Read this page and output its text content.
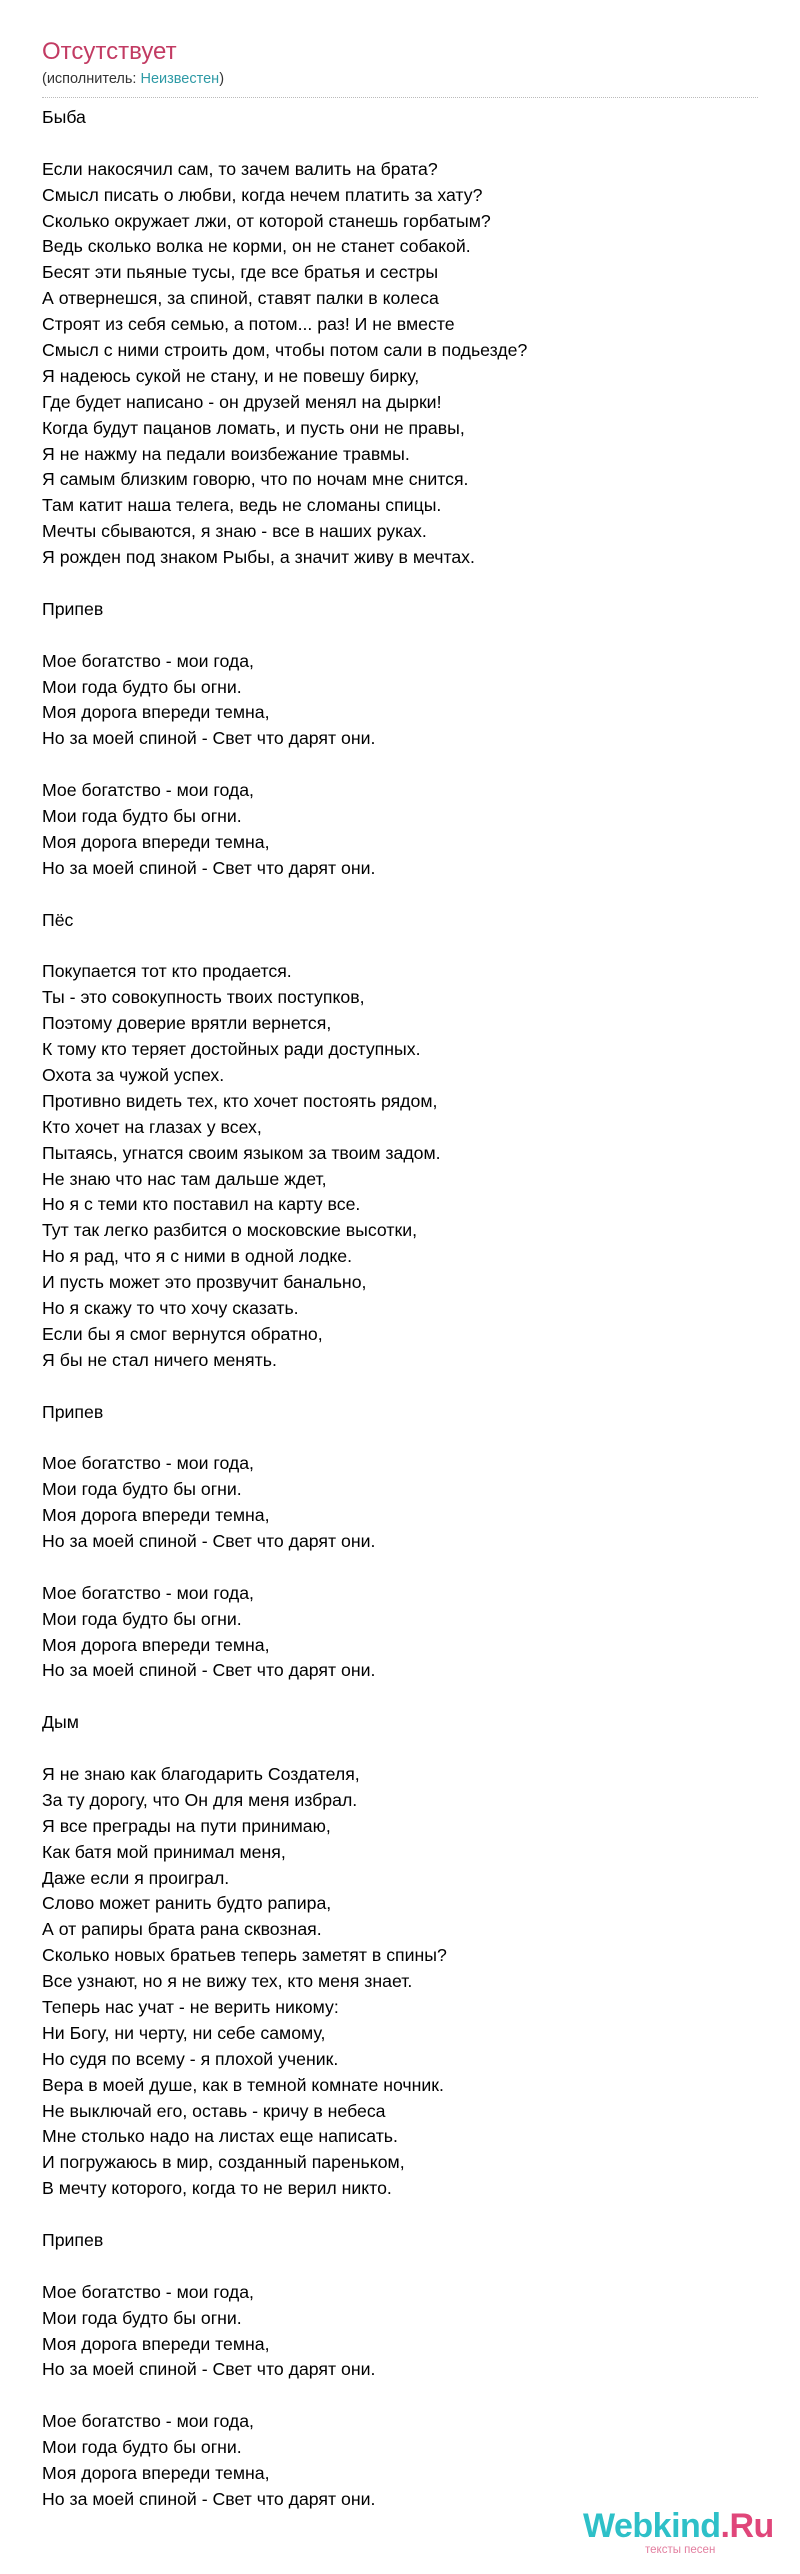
Отсутствует
(исполнитель: Неизвестен)
Быба
Если накосячил сам, то зачем валить на брата?
Смысл писать о любви, когда нечем платить за хату?
Сколько окружает лжи, от которой станешь горбатым?
Ведь сколько волка не корми, он не станет собакой.
Бесят эти пьяные тусы, где все братья и сестры
А отвернешся, за спиной, ставят палки в колеса
Строят из себя семью, а потом... раз! И не вместе
Смысл с ними строить дом, чтобы потом сали в подьезде?
Я надеюсь сукой не стану, и не повешу бирку,
Где будет написано - он друзей менял на дырки!
Когда будут пацанов ломать, и пусть они не правы,
Я не нажму на педали воизбежание травмы.
Я самым близким говорю, что по ночам мне снится.
Там катит наша телега, ведь не сломаны спицы.
Мечты сбываются, я знаю - все в наших руках.
Я рожден под знаком Рыбы, а значит живу в мечтах.
Припев
Мое богатство - мои года,
Мои года будто бы огни.
Моя дорога впереди темна,
Но за моей спиной - Свет что дарят они.
Мое богатство - мои года,
Мои года будто бы огни.
Моя дорога впереди темна,
Но за моей спиной - Свет что дарят они.
Пёс
Покупается тот кто продается.
Ты - это совокупность твоих поступков,
Поэтому доверие врятли вернется,
К тому кто теряет достойных ради доступных.
Охота за чужой успех.
Противно видеть тех, кто хочет постоять рядом,
Кто хочет на глазах у всех,
Пытаясь, угнатся своим языком за твоим задом.
Не знаю что нас там дальше ждет,
Но я с теми кто поставил на карту все.
Тут так легко разбится о московские высотки,
Но я рад, что я с ними в одной лодке.
И пусть может это прозвучит банально,
Но я скажу то что хочу сказать.
Если бы я смог вернутся обратно,
Я бы не стал ничего менять.
Припев
Мое богатство - мои года,
Мои года будто бы огни.
Моя дорога впереди темна,
Но за моей спиной - Свет что дарят они.
Мое богатство - мои года,
Мои года будто бы огни.
Моя дорога впереди темна,
Но за моей спиной - Свет что дарят они.
Дым
Я не знаю как благодарить Создателя,
За ту дорогу, что Он для меня избрал.
Я все преграды на пути принимаю,
Как батя мой принимал меня,
Даже если я проиграл.
Слово может ранить будто рапира,
А от рапиры брата рана сквозная.
Сколько новых братьев теперь заметят в спины?
Все узнают, но я не вижу тех, кто меня знает.
Теперь нас учат - не верить никому:
Ни Богу, ни черту, ни себе самому,
Но судя по всему - я плохой ученик.
Вера в моей душе, как в темной комнате ночник.
Не выключай его, оставь - кричу в небеса
Мне столько надо на листах еще написать.
И погружаюсь в мир, созданный пареньком,
В мечту которого, когда то не верил никто.
Припев
Мое богатство - мои года,
Мои года будто бы огни.
Моя дорога впереди темна,
Но за моей спиной - Свет что дарят они.
Мое богатство - мои года,
Мои года будто бы огни.
Моя дорога впереди темна,
Но за моей спиной - Свет что дарят они.
Webkind.Ru
тексты песен
